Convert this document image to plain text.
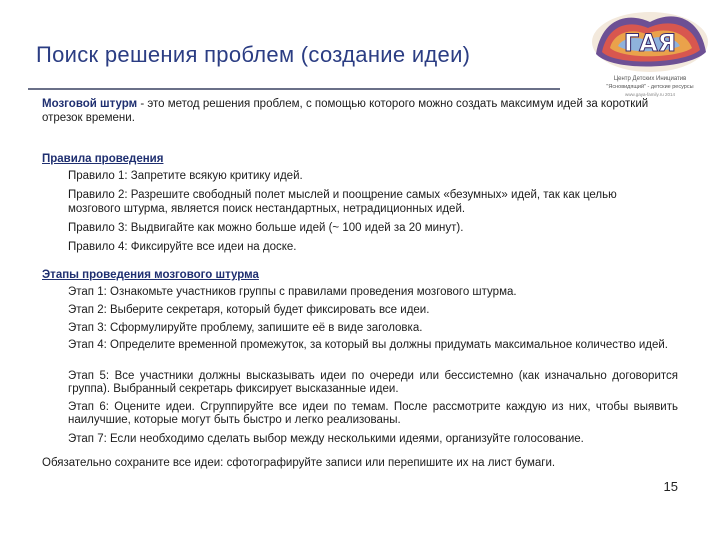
Поиск решения проблем (создание идеи)	ГАЯ
Центр Детских Инициатив
"Ясновидящий" - детские ресурсы
www.gaya-family.ru 2014

Мозговой штурм - это метод решения проблем, с помощью которого можно создать максимум идей за короткий отрезок времени.

Правила проведения

Правило 1: Запретите всякую критику идей.

Правило 2: Разрешите свободный полет мыслей и поощрение самых «безумных» идей, так как целью мозгового штурма, является поиск нестандартных, нетрадиционных идей.

Правило 3: Выдвигайте как можно больше идей (~ 100 идей за 20 минут).

Правило 4: Фиксируйте все идеи на доске.

Этапы проведения мозгового штурма

Этап 1: Ознакомьте участников группы с правилами проведения мозгового штурма.

Этап 2: Выберите секретаря, который будет фиксировать все идеи.

Этап 3: Сформулируйте проблему, запишите её в виде заголовка.

Этап 4: Определите временной промежуток, за который вы должны придумать максимальное количество идей.

Этап 5: Все участники должны высказывать идеи по очереди или бессистемно (как изначально договорится группа). Выбранный секретарь фиксирует высказанные идеи.

Этап 6: Оцените идеи. Сгруппируйте все идеи по темам. После рассмотрите каждую из них, чтобы выявить наилучшие, которые могут быть быстро и легко реализованы.

Этап 7: Если необходимо сделать выбор между несколькими идеями, организуйте голосование.

Обязательно сохраните все идеи: сфотографируйте записи или перепишите их на лист бумаги.

15
